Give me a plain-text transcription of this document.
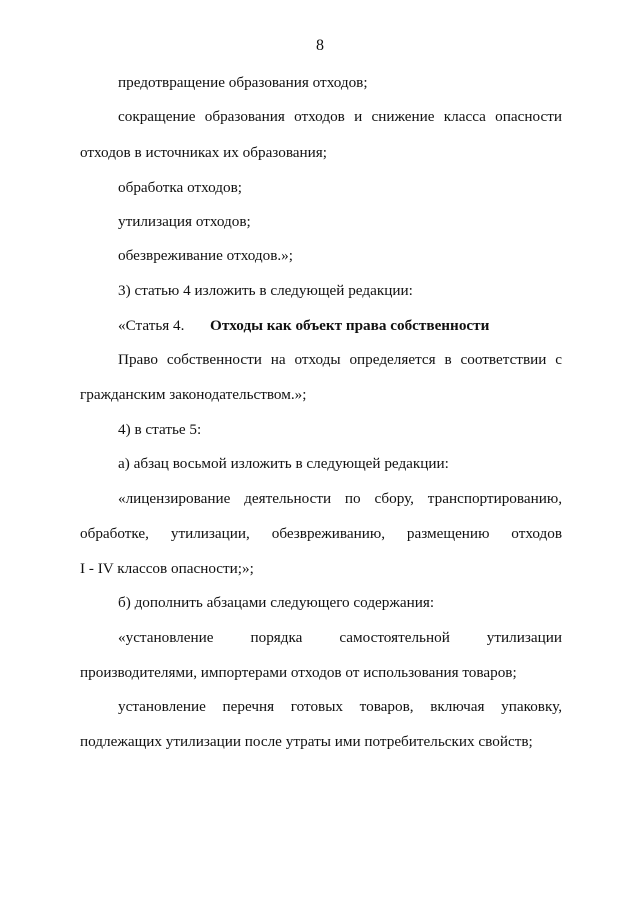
8
предотвращение образования отходов;
сокращение образования отходов и снижение класса опасности
отходов в источниках их образования;
обработка отходов;
утилизация отходов;
обезвреживание отходов.»;
3) статью 4 изложить в следующей редакции:
«Статья 4. Отходы как объект права собственности
Право собственности на отходы определяется в соответствии с
гражданским законодательством.»;
4) в статье 5:
а) абзац восьмой изложить в следующей редакции:
«лицензирование деятельности по сбору, транспортированию,
обработке, утилизации, обезвреживанию, размещению отходов
I - IV классов опасности;»;
б) дополнить абзацами следующего содержания:
«установление порядка самостоятельной утилизации
производителями, импортерами отходов от использования товаров;
установление перечня готовых товаров, включая упаковку,
подлежащих утилизации после утраты ими потребительских свойств;
